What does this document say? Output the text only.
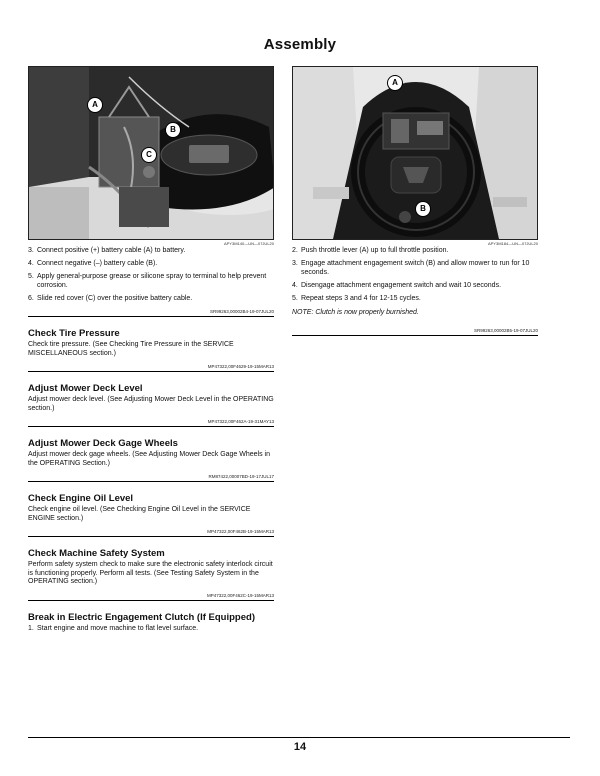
Assembly
A
B
C
APY3M140—UN—07JUL20
3. Connect positive (+) battery cable (A) to battery.
4. Connect negative (–) battery cable (B).
5. Apply general-purpose grease or silicone spray to terminal to help prevent corrosion.
6. Slide red cover (C) over the positive battery cable.
SR99263,00002B4-19-07JUL20
Check Tire Pressure

Check tire pressure. (See Checking Tire Pressure in the SERVICE MISCELLANEOUS section.)

MP47322,00F4629-19-15MAR13
Adjust Mower Deck Level

Adjust mower deck level. (See Adjusting Mower Deck Level in the OPERATING section.)

MP47322,00F462A-19-31MAY13
Adjust Mower Deck Gage Wheels

Adjust mower deck gage wheels. (See Adjusting Mower Deck Gage Wheels in the OPERATING Section.)

RM87422,00007BD-19-17JUL17
Check Engine Oil Level

Check engine oil level. (See Checking Engine Oil Level in the SERVICE ENGINE section.)

MP47322,00F462B-19-15MAR13
Check Machine Safety System

Perform safety system check to make sure the electronic safety interlock circuit is functioning properly. Perform all tests. (See Testing Safety System in the OPERATING section.)

MP47322,00F462C-19-15MAR13
Break in Electric Engagement Clutch (If Equipped)
1. Start engine and move machine to flat level surface.
A
B
APY3M184—UN—07JUL20
2. Push throttle lever (A) up to full throttle position.
3. Engage attachment engagement switch (B) and allow mower to run for 10 seconds.
4. Disengage attachment engagement switch and wait 10 seconds.
5. Repeat steps 3 and 4 for 12-15 cycles.
NOTE: Clutch is now properly burnished.
SR99263,00002B5-19-07JUL20
14
